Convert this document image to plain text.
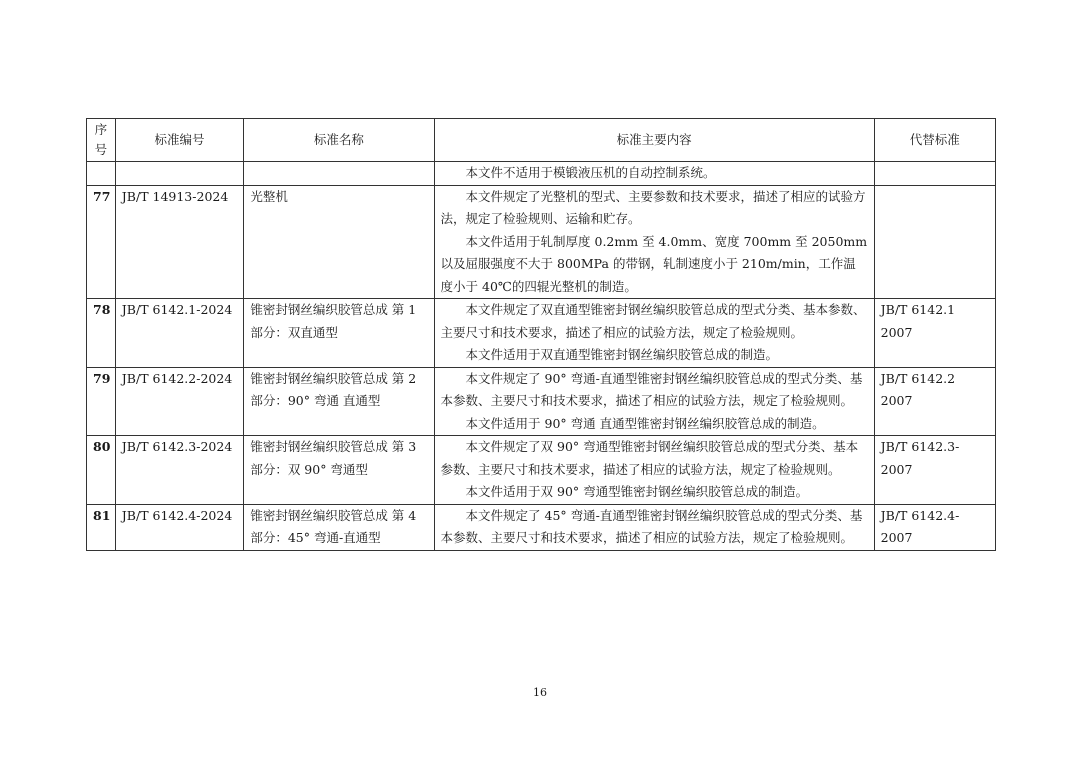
序
号	标准编号	标准名称	标准主要内容	代替标准

			本文件不适用于模锻液压机的自动控制系统。	

77	JB/T 14913-2024	光整机	本文件规定了光整机的型式、主要参数和技术要求，描述了相应的试验方法，规定了检验规则、运输和贮存。
本文件适用于轧制厚度 0.2mm 至 4.0mm、宽度 700mm 至 2050mm 以及屈服强度不大于 800MPa 的带钢，轧制速度小于 210m/min，工作温度小于 40℃的四辊光整机的制造。	

78	JB/T 6142.1-2024	锥密封钢丝编织胶管总成 第 1 部分：双直通型	本文件规定了双直通型锥密封钢丝编织胶管总成的型式分类、基本参数、主要尺寸和技术要求，描述了相应的试验方法，规定了检验规则。
本文件适用于双直通型锥密封钢丝编织胶管总成的制造。	JB/T 6142.1 2007
79	JB/T 6142.2-2024	锥密封钢丝编织胶管总成 第 2 部分：90° 弯通 直通型	本文件规定了 90° 弯通-直通型锥密封钢丝编织胶管总成的型式分类、基本参数、主要尺寸和技术要求，描述了相应的试验方法，规定了检验规则。
本文件适用于 90° 弯通 直通型锥密封钢丝编织胶管总成的制造。	JB/T 6142.2 2007
80	JB/T 6142.3-2024	锥密封钢丝编织胶管总成 第 3 部分：双 90° 弯通型	本文件规定了双 90° 弯通型锥密封钢丝编织胶管总成的型式分类、基本参数、主要尺寸和技术要求，描述了相应的试验方法，规定了检验规则。
本文件适用于双 90° 弯通型锥密封钢丝编织胶管总成的制造。	JB/T 6142.3-2007
81	JB/T 6142.4-2024	锥密封钢丝编织胶管总成 第 4 部分：45° 弯通-直通型	本文件规定了 45° 弯通-直通型锥密封钢丝编织胶管总成的型式分类、基本参数、主要尺寸和技术要求，描述了相应的试验方法，规定了检验规则。	JB/T 6142.4-2007
16
